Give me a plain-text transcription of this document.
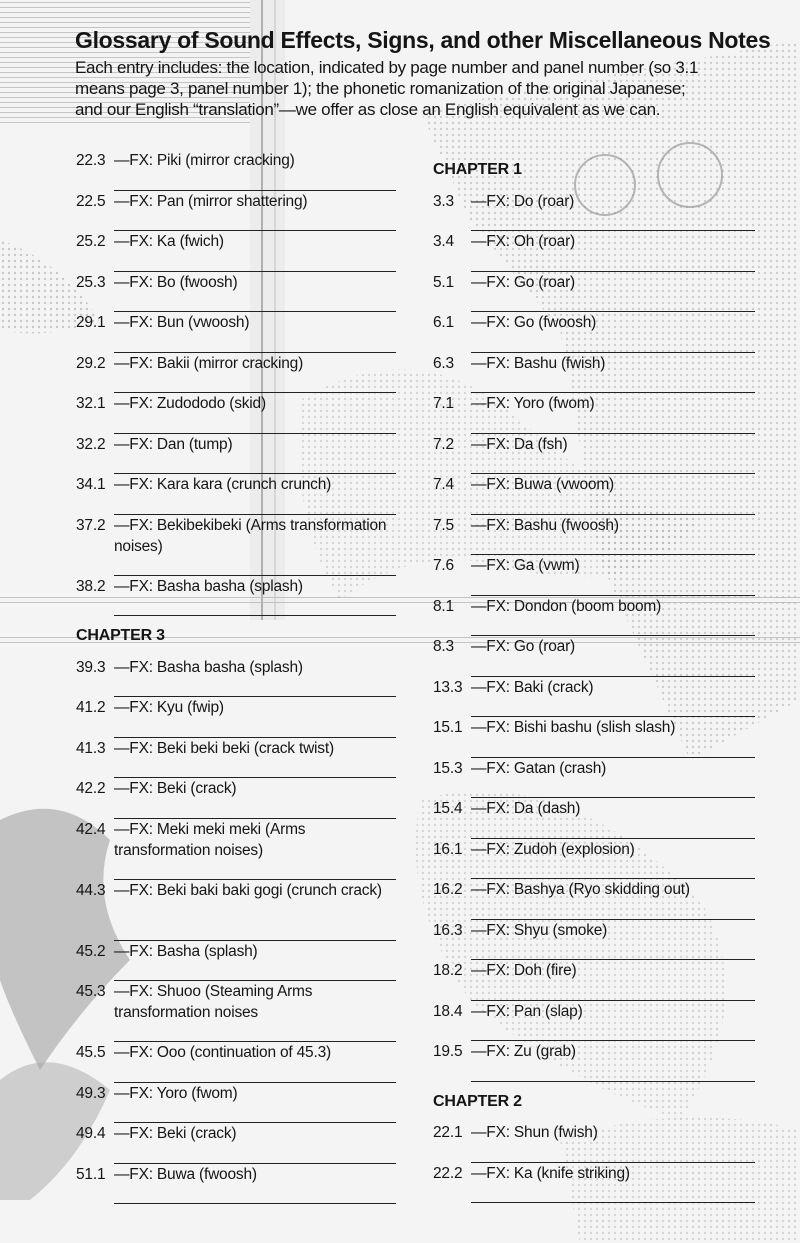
Glossary of Sound Effects, Signs, and other Miscellaneous Notes
Each entry includes: the location, indicated by page number and panel number (so 3.1 means page 3, panel number 1); the phonetic romanization of the original Japanese; and our English “translation”—we offer as close an English equivalent as we can.
22.3 —FX: Piki (mirror cracking)
22.5 —FX: Pan (mirror shattering)
25.2 —FX: Ka (fwich)
25.3 —FX: Bo (fwoosh)
29.1 —FX: Bun (vwoosh)
29.2 —FX: Bakii (mirror cracking)
32.1 —FX: Zudododo (skid)
32.2 —FX: Dan (tump)
34.1 —FX: Kara kara (crunch crunch)
37.2 —FX: Bekibekibeki (Arms transformation noises)
38.2 —FX: Basha basha (splash)
CHAPTER 3
39.3 —FX: Basha basha (splash)
41.2 —FX: Kyu (fwip)
41.3 —FX: Beki beki beki (crack twist)
42.2 —FX: Beki (crack)
42.4 —FX: Meki meki meki (Arms transformation noises)
44.3 —FX: Beki baki baki gogi (crunch crack)
45.2 —FX: Basha (splash)
45.3 —FX: Shuoo (Steaming Arms transformation noises
45.5 —FX: Ooo (continuation of 45.3)
49.3 —FX: Yoro (fwom)
49.4 —FX: Beki (crack)
51.1 —FX: Buwa (fwoosh)
CHAPTER 1
3.3	—FX: Do (roar)
3.4	—FX: Oh (roar)
5.1	—FX: Go (roar)
6.1	—FX: Go (fwoosh)
6.3	—FX: Bashu (fwish)
7.1	—FX: Yoro (fwom)
7.2	—FX: Da (fsh)
7.4	—FX: Buwa (vwoom)
7.5	—FX: Bashu (fwoosh)
7.6	—FX: Ga (vwm)
8.1	—FX: Dondon (boom boom)
8.3	—FX: Go (roar)
13.3 —FX: Baki (crack)
15.1 —FX: Bishi bashu (slish slash)
15.3 —FX: Gatan (crash)
15.4 —FX: Da (dash)
16.1 —FX: Zudoh (explosion)
16.2 —FX: Bashya (Ryo skidding out)
16.3 —FX: Shyu (smoke)
18.2 —FX: Doh (fire)
18.4 —FX: Pan (slap)
19.5 —FX: Zu (grab)
CHAPTER 2
22.1 —FX: Shun (fwish)
22.2 —FX: Ka (knife striking)
